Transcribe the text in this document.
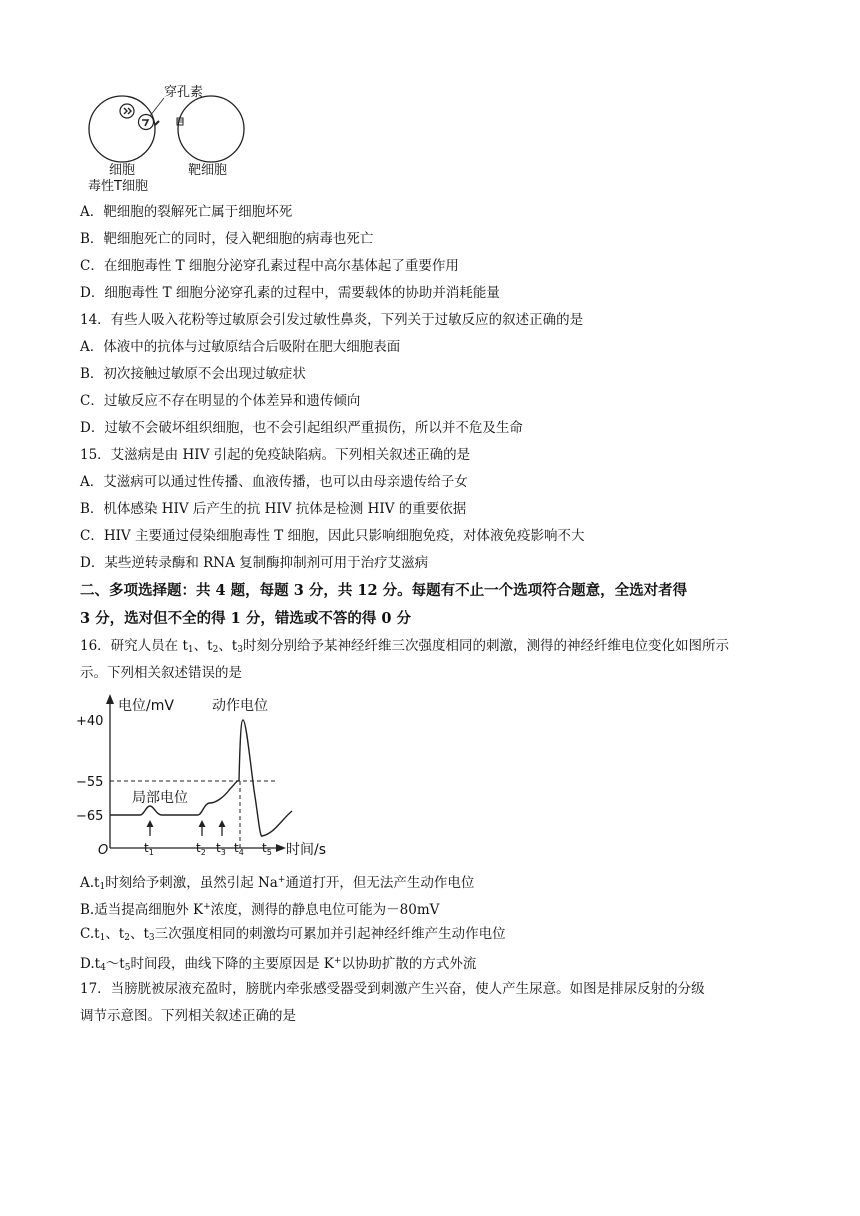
穿孔素
细胞
毒性T细胞
靶细胞
A．靶细胞的裂解死亡属于细胞坏死
B．靶细胞死亡的同时，侵入靶细胞的病毒也死亡
C．在细胞毒性 T 细胞分泌穿孔素过程中高尔基体起了重要作用
D．细胞毒性 T 细胞分泌穿孔素的过程中，需要载体的协助并消耗能量
14．有些人吸入花粉等过敏原会引发过敏性鼻炎，下列关于过敏反应的叙述正确的是
A．体液中的抗体与过敏原结合后吸附在肥大细胞表面
B．初次接触过敏原不会出现过敏症状
C．过敏反应不存在明显的个体差异和遗传倾向
D．过敏不会破坏组织细胞，也不会引起组织严重损伤，所以并不危及生命
15．艾滋病是由 HIV 引起的免疫缺陷病。下列相关叙述正确的是
A．艾滋病可以通过性传播、血液传播，也可以由母亲遗传给子女
B．机体感染 HIV 后产生的抗 HIV 抗体是检测 HIV 的重要依据
C．HIV 主要通过侵染细胞毒性 T 细胞，因此只影响细胞免疫，对体液免疫影响不大
D．某些逆转录酶和 RNA 复制酶抑制剂可用于治疗艾滋病
二、多项选择题：共 4 题，每题 3 分，共 12 分。每题有不止一个选项符合题意，全选对者得
3 分，选对但不全的得 1 分，错选或不答的得 0 分
16．研究人员在 $t_1$、$t_2$、$t_3$时刻分别给予某神经纤维三次强度相同的刺激，测得的神经纤维电位变化如图所示
示。下列相关叙述错误的是
+40
−55
−65
电位/mV
时间/s
O
动作电位
局部电位
$t_1$	$t_2$ $t_3$ $t_4$ $t_5$
$A.t_1$时刻给予刺激，虽然引起 Na+通道打开，但无法产生动作电位
B.适当提高细胞外 K+浓度，测得的静息电位可能为－80mV
$C.t_1$、$t_2$、$t_3$三次强度相同的刺激均可累加并引起神经纤维产生动作电位
$D.t_4\sim t_5$时间段，曲线下降的主要原因是 K+以协助扩散的方式外流
17．当膀胱被尿液充盈时，膀胱内牵张感受器受到刺激产生兴奋，使人产生尿意。如图是排尿反射的分级
调节示意图。下列相关叙述正确的是
